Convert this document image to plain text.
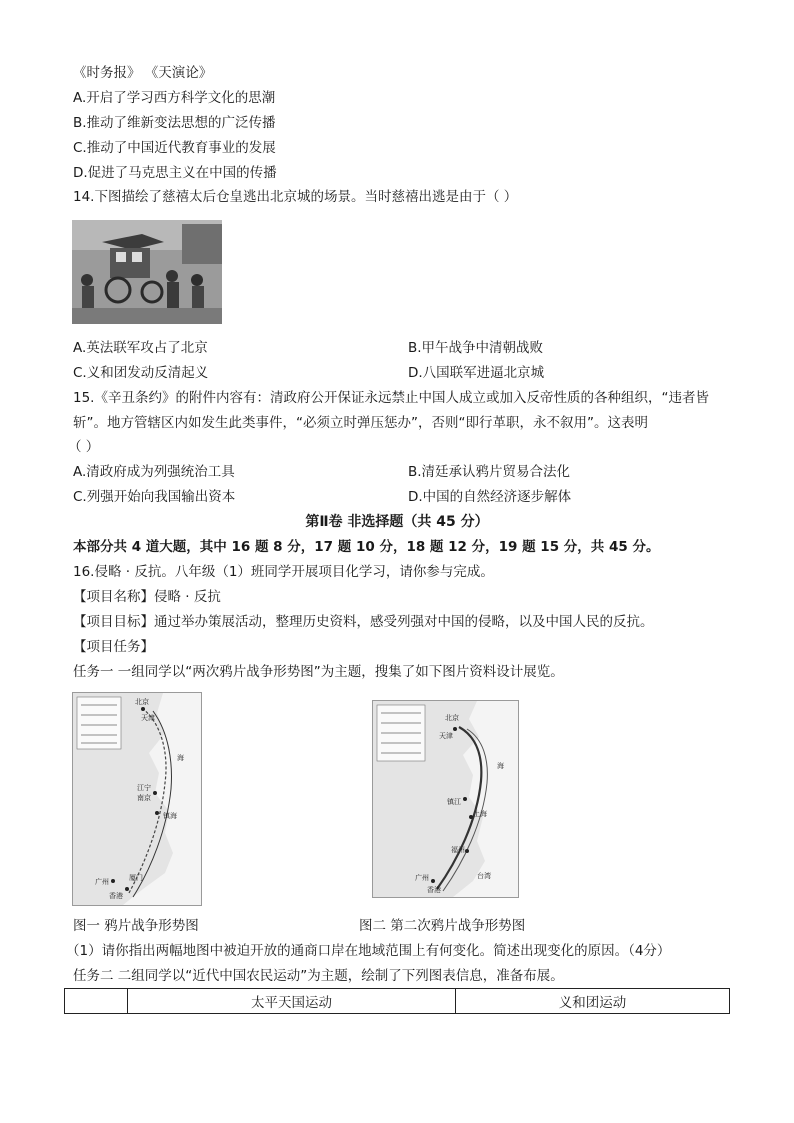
《时务报》 《天演论》
A.开启了学习西方科学文化的思潮
B.推动了维新变法思想的广泛传播
C.推动了中国近代教育事业的发展
D.促进了马克思主义在中国的传播
14.下图描绘了慈禧太后仓皇逃出北京城的场景。当时慈禧出逃是由于（ ）
A.英法联军攻占了北京	B.甲午战争中清朝战败
C.义和团发动反清起义	D.八国联军进逼北京城
15.《辛丑条约》的附件内容有：清政府公开保证永远禁止中国人成立或加入反帝性质的各种组织，“违者皆
斩”。地方管辖区内如发生此类事件，“必须立时弹压惩办”，否则“即行革职，永不叙用”。这表明
（ ）
A.清政府成为列强统治工具	B.清廷承认鸦片贸易合法化
C.列强开始向我国输出资本	D.中国的自然经济逐步解体
第Ⅱ卷 非选择题（共 45 分）
本部分共 4 道大题，其中 16 题 8 分，17 题 10 分，18 题 12 分，19 题 15 分，共 45 分。
16.侵略 · 反抗。八年级（1）班同学开展项目化学习，请你参与完成。
【项目名称】侵略 · 反抗
【项目目标】通过举办策展活动，整理历史资料，感受列强对中国的侵略，以及中国人民的反抗。
【项目任务】
任务一 一组同学以“两次鸦片战争形势图”为主题，搜集了如下图片资料设计展览。
北京
天津
江宁
南京
镇海
厦门
广州
香港
海
图一 鸦片战争形势图
北京
天津
镇江
上海
福州
广州
香港
台湾
海
图二 第二次鸦片战争形势图
（1）请你指出两幅地图中被迫开放的通商口岸在地域范围上有何变化。简述出现变化的原因。（4分）
任务二 二组同学以“近代中国农民运动”为主题，绘制了下列图表信息，准备布展。
	太平天国运动	义和团运动
